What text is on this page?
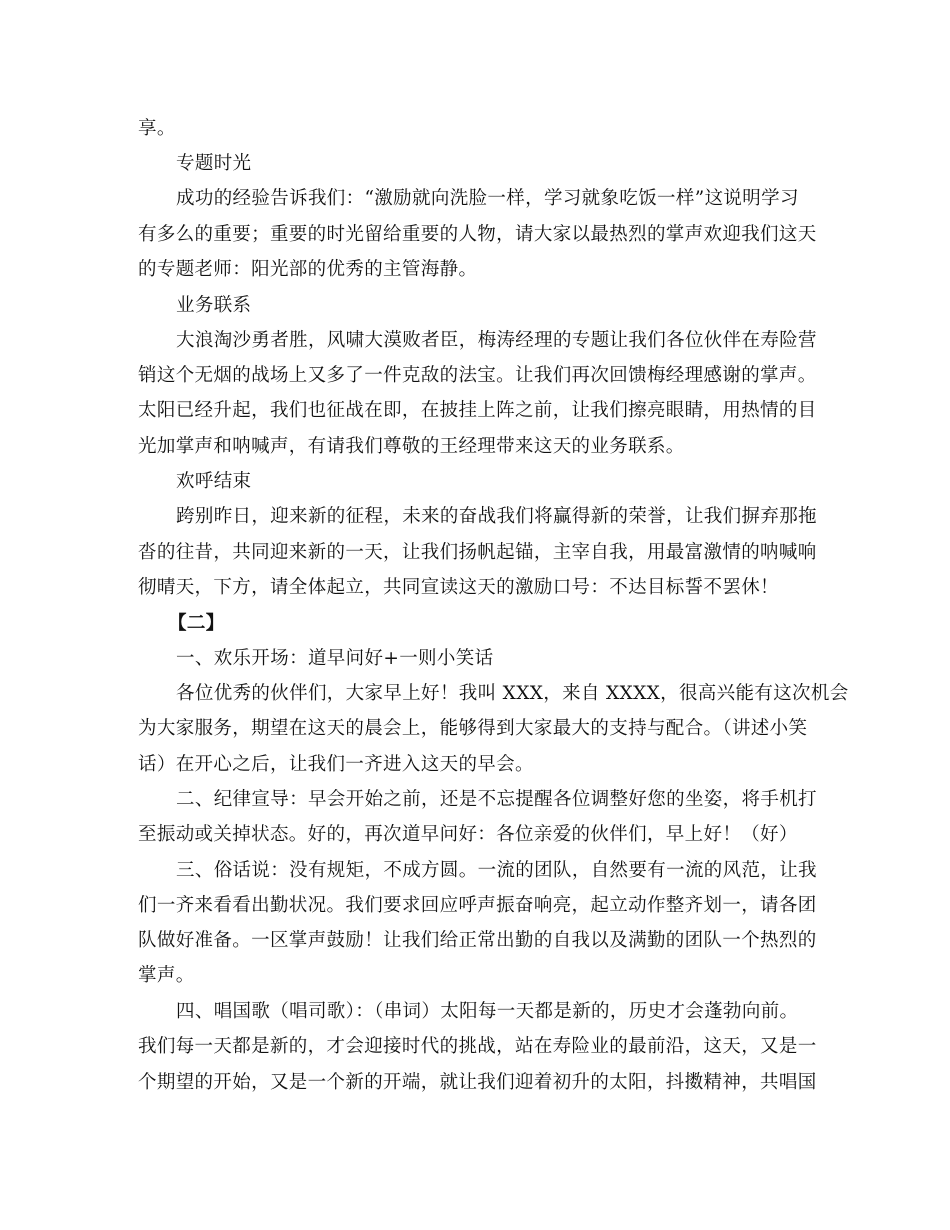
享。
专题时光
成功的经验告诉我们：“激励就向洗脸一样，学习就象吃饭一样”这说明学习
有多么的重要；重要的时光留给重要的人物，请大家以最热烈的掌声欢迎我们这天
的专题老师：阳光部的优秀的主管海静。
业务联系
大浪淘沙勇者胜，风啸大漠败者臣，梅涛经理的专题让我们各位伙伴在寿险营
销这个无烟的战场上又多了一件克敌的法宝。让我们再次回馈梅经理感谢的掌声。
太阳已经升起，我们也征战在即，在披挂上阵之前，让我们擦亮眼睛，用热情的目
光加掌声和呐喊声，有请我们尊敬的王经理带来这天的业务联系。
欢呼结束
跨别昨日，迎来新的征程，未来的奋战我们将赢得新的荣誉，让我们摒弃那拖
沓的往昔，共同迎来新的一天，让我们扬帆起锚，主宰自我，用最富激情的呐喊响
彻晴天，下方，请全体起立，共同宣读这天的激励口号：不达目标誓不罢休！
【二】
一、欢乐开场：道早问好+一则小笑话
各位优秀的伙伴们，大家早上好！我叫 XXX，来自 XXXX，很高兴能有这次机会
为大家服务，期望在这天的晨会上，能够得到大家最大的支持与配合。（讲述小笑
话）在开心之后，让我们一齐进入这天的早会。
二、纪律宣导：早会开始之前，还是不忘提醒各位调整好您的坐姿，将手机打
至振动或关掉状态。好的，再次道早问好：各位亲爱的伙伴们，早上好！（好）
三、俗话说：没有规矩，不成方圆。一流的团队，自然要有一流的风范，让我
们一齐来看看出勤状况。我们要求回应呼声振奋响亮，起立动作整齐划一，请各团
队做好准备。一区掌声鼓励！让我们给正常出勤的自我以及满勤的团队一个热烈的
掌声。
四、唱国歌（唱司歌）：（串词）太阳每一天都是新的，历史才会蓬勃向前。
我们每一天都是新的，才会迎接时代的挑战，站在寿险业的最前沿，这天，又是一
个期望的开始，又是一个新的开端，就让我们迎着初升的太阳，抖擞精神，共唱国
